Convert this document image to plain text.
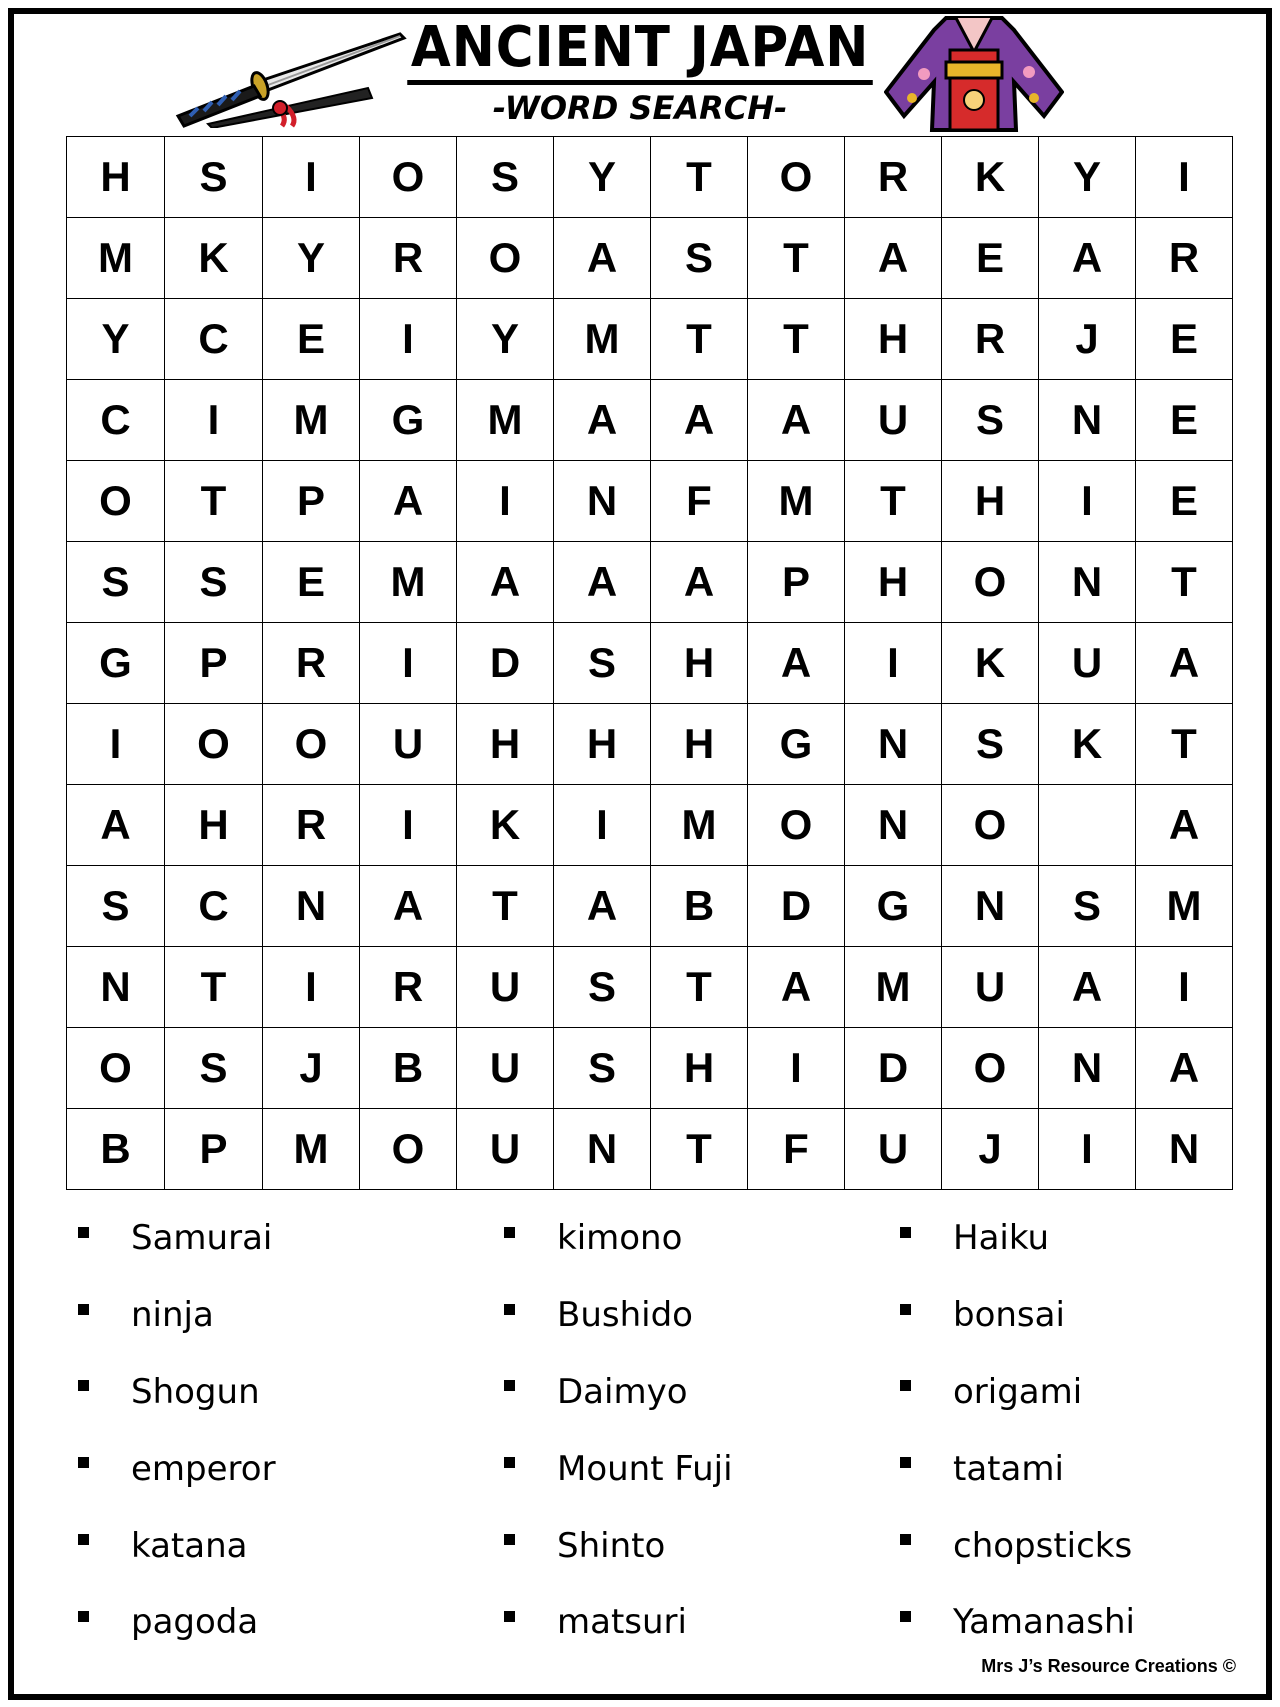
ANCIENT JAPAN
-WORD SEARCH-
H	S	I	O	S	Y	T	O	R	K	Y	I
M	K	Y	R	O	A	S	T	A	E	A	R
Y	C	E	I	Y	M	T	T	H	R	J	E
C	I	M	G	M	A	A	A	U	S	N	E
O	T	P	A	I	N	F	M	T	H	I	E
S	S	E	M	A	A	A	P	H	O	N	T
G	P	R	I	D	S	H	A	I	K	U	A
I	O	O	U	H	H	H	G	N	S	K	T
A	H	R	I	K	I	M	O	N	O		A
S	C	N	A	T	A	B	D	G	N	S	M
N	T	I	R	U	S	T	A	M	U	A	I
O	S	J	B	U	S	H	I	D	O	N	A
B	P	M	O	U	N	T	F	U	J	I	N
Samurai
ninja
Shogun
emperor
katana
pagoda
kimono
Bushido
Daimyo
Mount Fuji
Shinto
matsuri
Haiku
bonsai
origami
tatami
chopsticks
Yamanashi
Mrs J’s Resource Creations ©
